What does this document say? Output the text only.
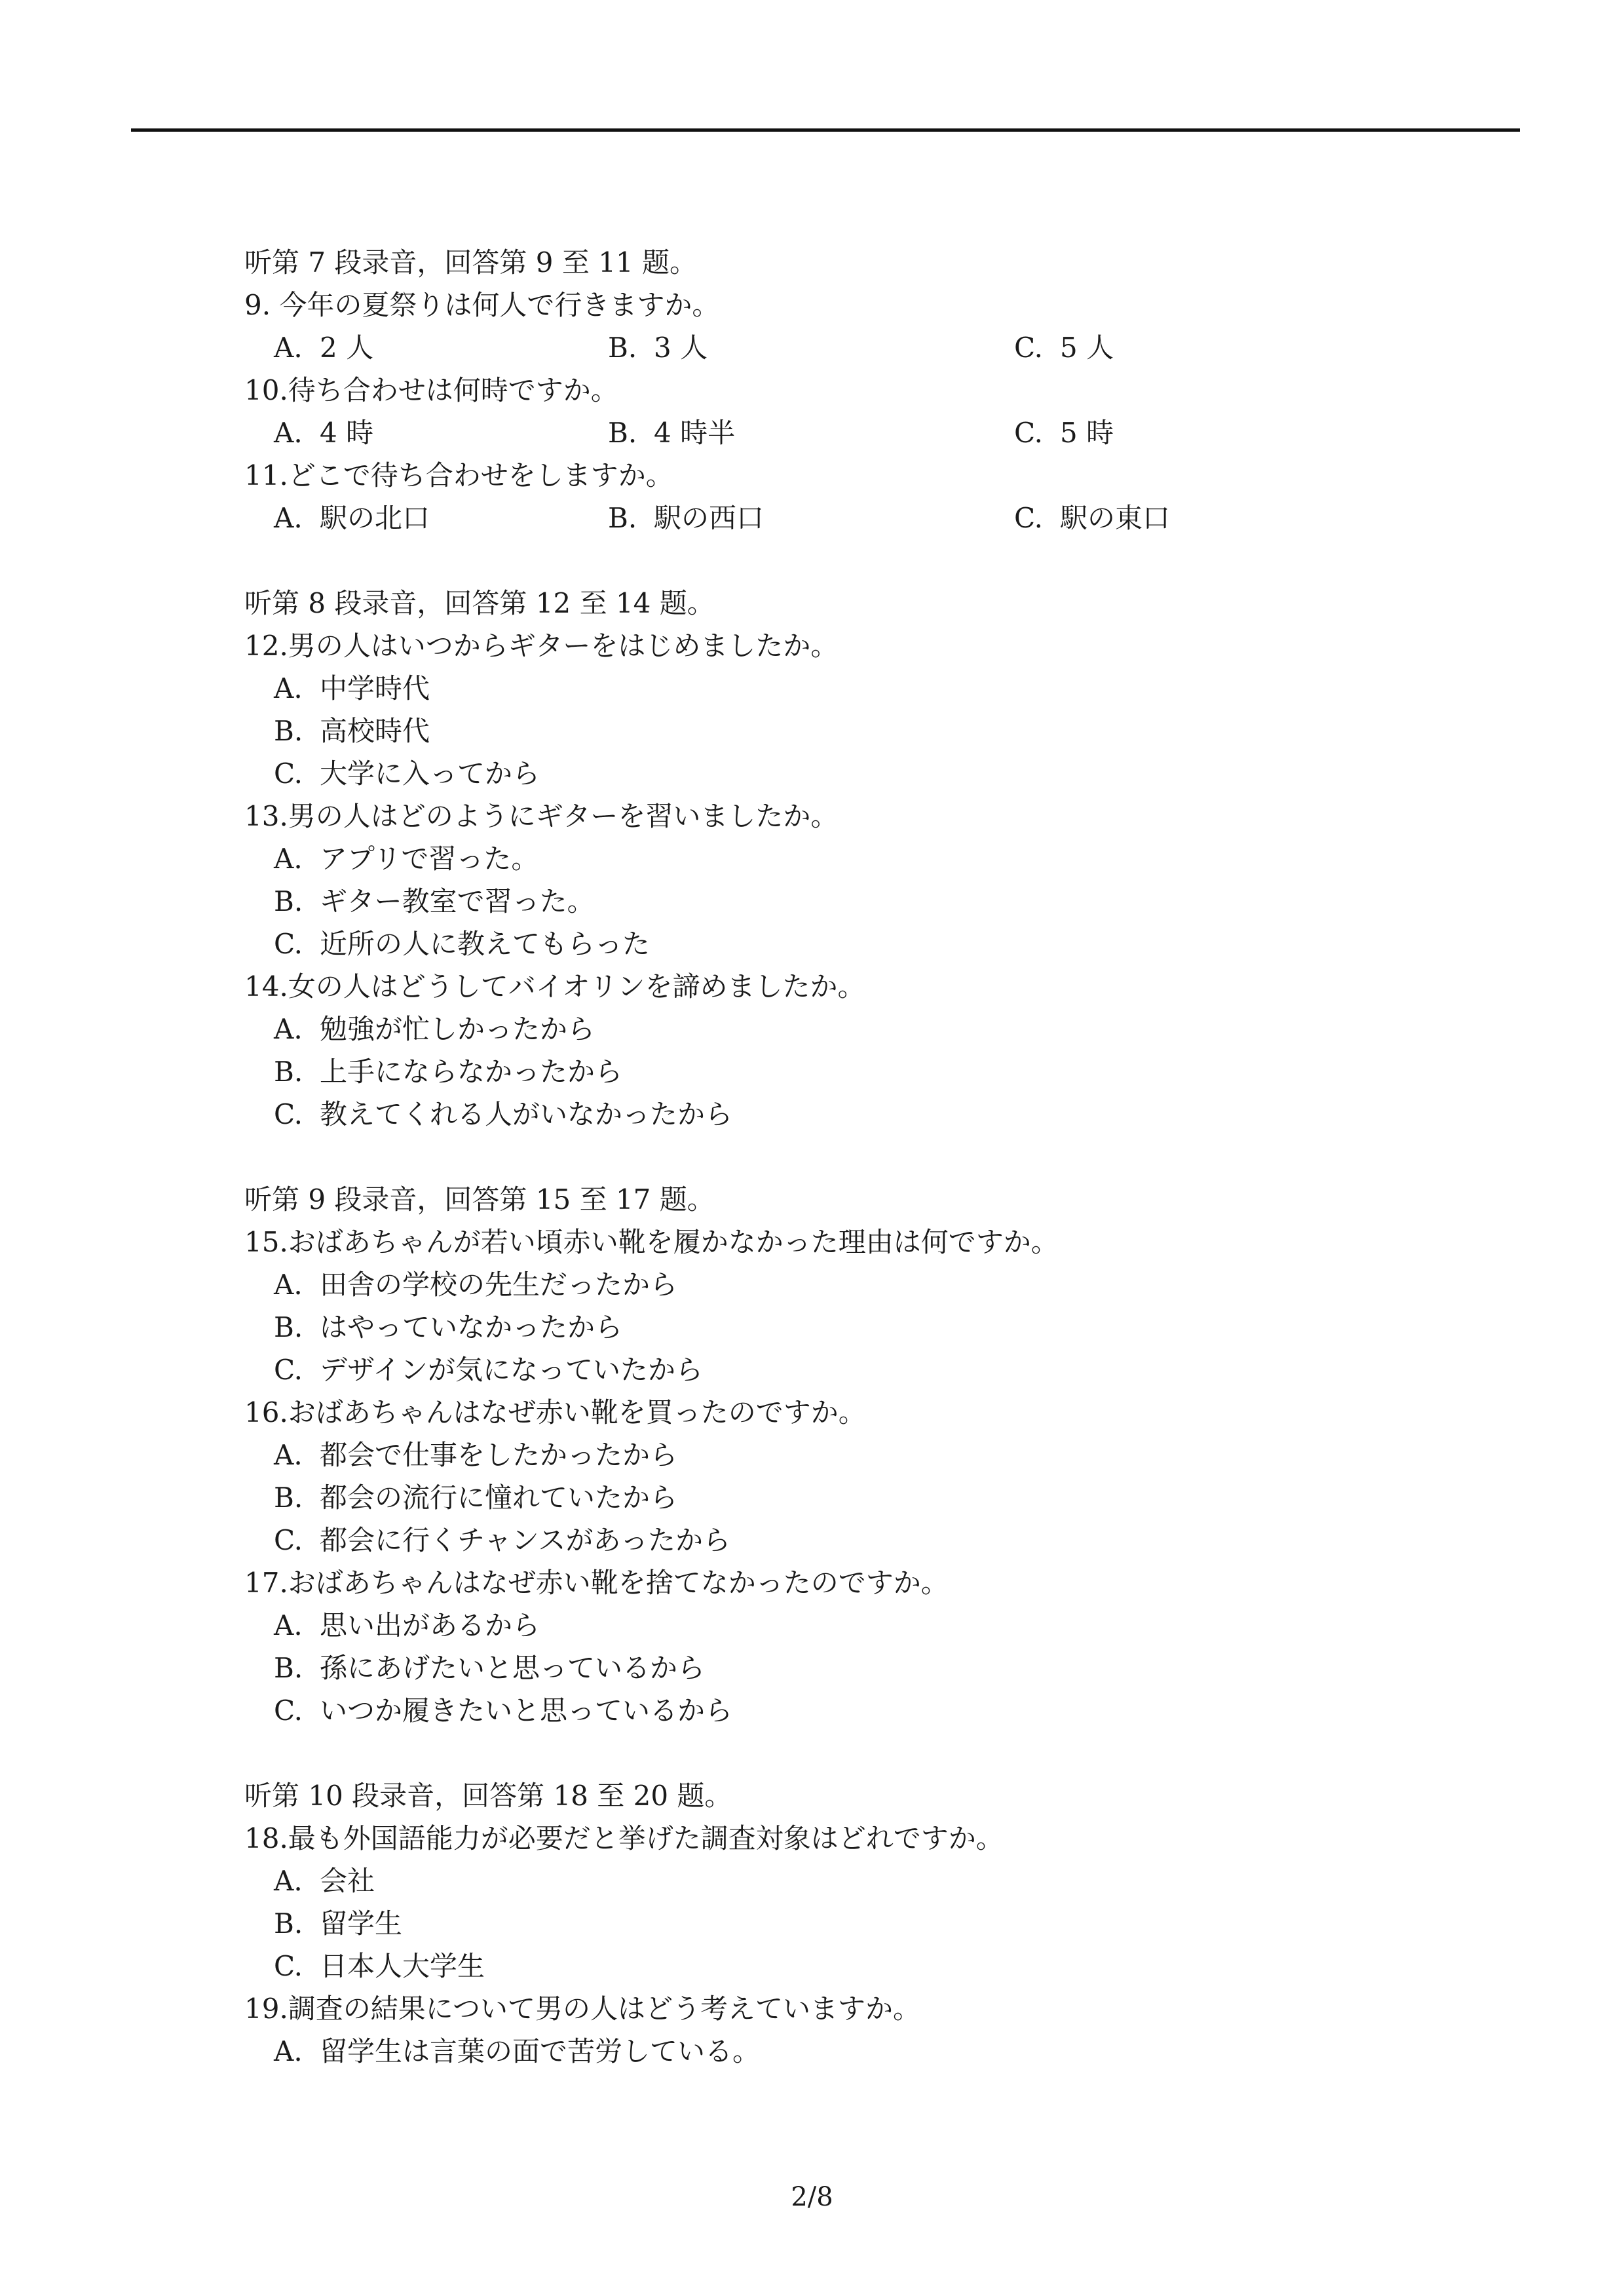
听第 7 段录音，回答第 9 至 11 题。
9. 今年の夏祭りは何人で行きますか。
A. 2 人	B. 3 人	C. 5 人
10.待ち合わせは何時ですか。
A. 4 時	B. 4 時半	C. 5 時
11.どこで待ち合わせをしますか。
A. 駅の北口	B. 駅の西口	C. 駅の東口
听第 8 段录音，回答第 12 至 14 题。
12.男の人はいつからギターをはじめましたか。
A. 中学時代
B. 高校時代
C. 大学に入ってから
13.男の人はどのようにギターを習いましたか。
A. アプリで習った。
B. ギター教室で習った。
C. 近所の人に教えてもらった
14.女の人はどうしてバイオリンを諦めましたか。
A. 勉強が忙しかったから
B. 上手にならなかったから
C. 教えてくれる人がいなかったから
听第 9 段录音，回答第 15 至 17 题。
15.おばあちゃんが若い頃赤い靴を履かなかった理由は何ですか。
A. 田舎の学校の先生だったから
B. はやっていなかったから
C. デザインが気になっていたから
16.おばあちゃんはなぜ赤い靴を買ったのですか。
A. 都会で仕事をしたかったから
B. 都会の流行に憧れていたから
C. 都会に行くチャンスがあったから
17.おばあちゃんはなぜ赤い靴を捨てなかったのですか。
A. 思い出があるから
B. 孫にあげたいと思っているから
C. いつか履きたいと思っているから
听第 10 段录音，回答第 18 至 20 题。
18.最も外国語能力が必要だと挙げた調査対象はどれですか。
A. 会社
B. 留学生
C. 日本人大学生
19.調査の結果について男の人はどう考えていますか。
A. 留学生は言葉の面で苦労している。
2/8
